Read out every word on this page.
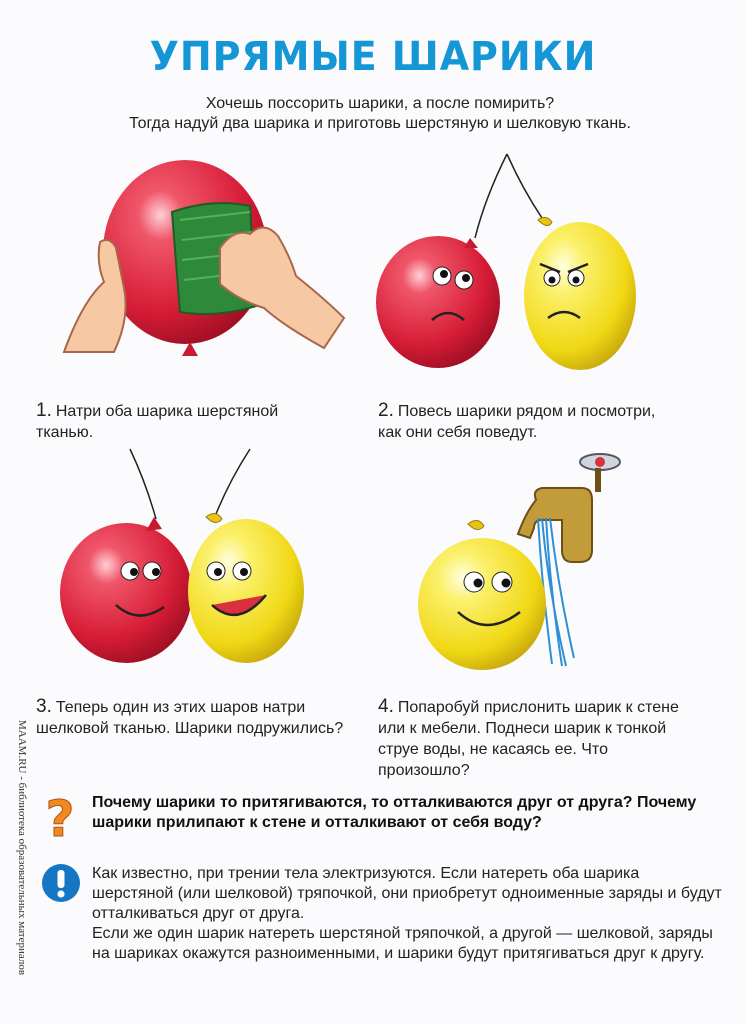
УПРЯМЫЕ ШАРИКИ
Хочешь поссорить шарики, а после помирить?
Тогда надуй два шарика и приготовь шерстяную и шелковую ткань.
1. Натри оба шарика шерстяной тканью.
2. Повесь шарики рядом и посмотри, как они себя поведут.
3. Теперь один из этих шаров натри шелковой тканью. Шарики подружились?
4. Попаробуй прислонить шарик к стене или к мебели. Поднеси шарик к тонкой струе воды, не касаясь ее. Что произошло?
MAAM.RU - библиотека образовательных материалов ? Почему шарики то притягиваются, то отталкиваются друг от друга? Почему шарики прилипают к стене и отталкивают от себя воду?
Как известно, при трении тела электризуются. Если натереть оба шарика шерстяной (или шелковой) тряпочкой, они приобретут одноименные заряды и будут отталкиваться друг от друга.
Если же один шарик натереть шерстяной тряпочкой, а другой — шелковой, заряды на шариках окажутся разноименными, и шарики будут притягиваться друг к другу.
